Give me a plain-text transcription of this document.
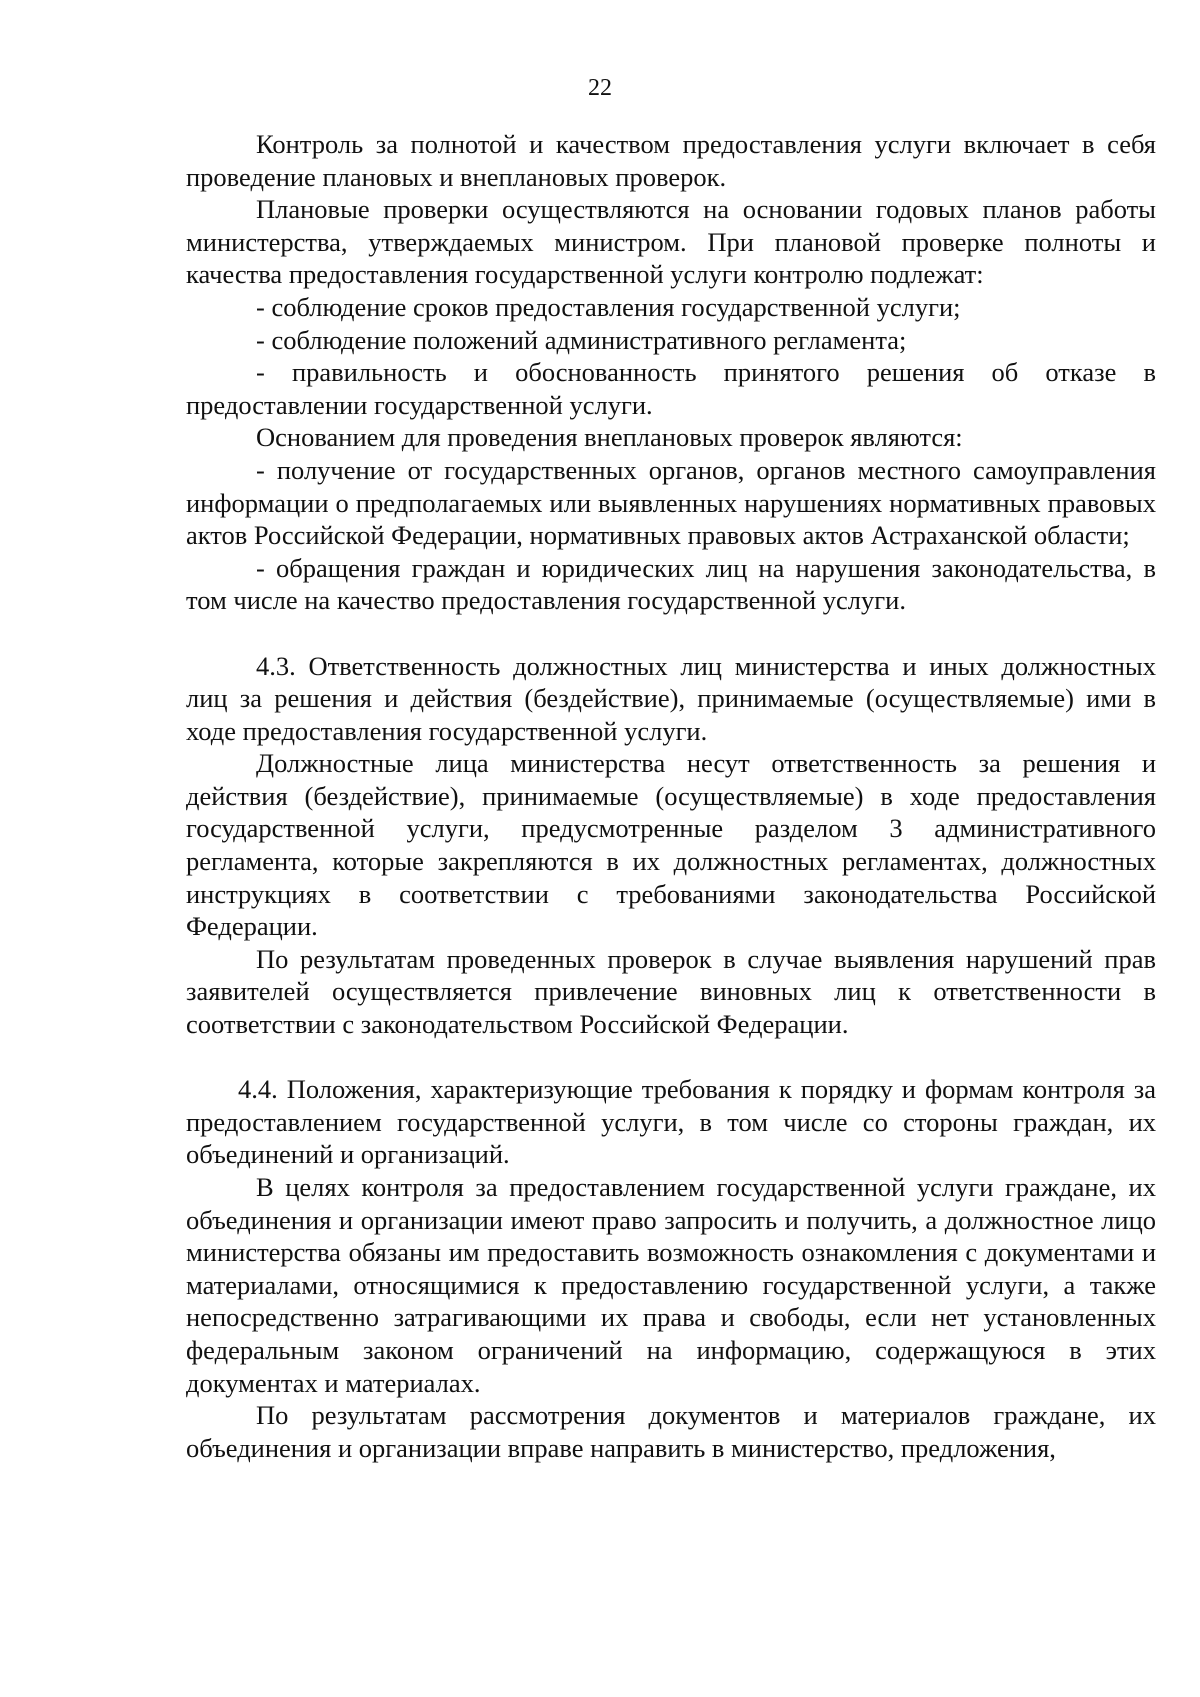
22

Контроль за полнотой и качеством предоставления услуги включает в себя проведение плановых и внеплановых проверок.

Плановые проверки осуществляются на основании годовых планов работы министерства, утверждаемых министром. При плановой проверке полноты и качества предоставления государственной услуги контролю подлежат:

- соблюдение сроков предоставления государственной услуги;

- соблюдение положений административного регламента;

- правильность и обоснованность принятого решения об отказе в предоставлении государственной услуги.

Основанием для проведения внеплановых проверок являются:

- получение от государственных органов, органов местного самоуправления информации о предполагаемых или выявленных нарушениях нормативных правовых актов Российской Федерации, нормативных правовых актов Астраханской области;

- обращения граждан и юридических лиц на нарушения законодательства, в том числе на качество предоставления государственной услуги.

4.3. Ответственность должностных лиц министерства и иных должностных лиц за решения и действия (бездействие), принимаемые (осуществляемые) ими в ходе предоставления государственной услуги.

Должностные лица министерства несут ответственность за решения и действия (бездействие), принимаемые (осуществляемые) в ходе предоставления государственной услуги, предусмотренные разделом 3 административного регламента, которые закрепляются в их должностных регламентах, должностных инструкциях в соответствии с требованиями законодательства Российской Федерации.

По результатам проведенных проверок в случае выявления нарушений прав заявителей осуществляется привлечение виновных лиц к ответственности в соответствии с законодательством Российской Федерации.

4.4. Положения, характеризующие требования к порядку и формам контроля за предоставлением государственной услуги, в том числе со стороны граждан, их объединений и организаций.

В целях контроля за предоставлением государственной услуги граждане, их объединения и организации имеют право запросить и получить, а должностное лицо министерства обязаны им предоставить возможность ознакомления с документами и материалами, относящимися к предоставлению государственной услуги, а также непосредственно затрагивающими их права и свободы, если нет установленных федеральным законом ограничений на информацию, содержащуюся в этих документах и материалах.

По результатам рассмотрения документов и материалов граждане, их объединения и организации вправе направить в министерство, предложения,
